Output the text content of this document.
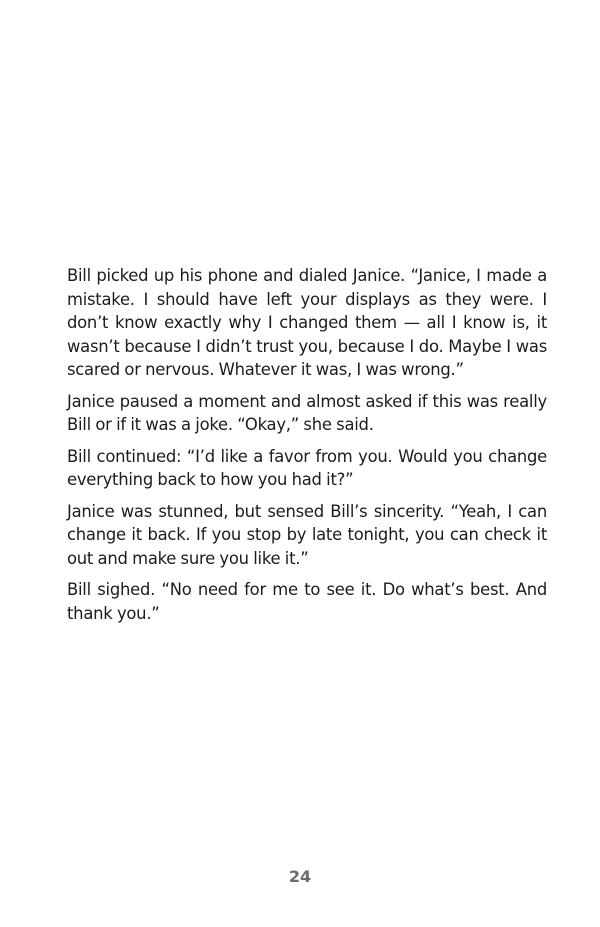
Bill picked up his phone and dialed Janice. “Janice, I made a mistake. I should have left your displays as they were. I don’t know exactly why I changed them — all I know is, it wasn’t because I didn’t trust you, because I do. Maybe I was scared or nervous. Whatever it was, I was wrong.”

Janice paused a moment and almost asked if this was really Bill or if it was a joke. “Okay,” she said.

Bill continued: “I’d like a favor from you. Would you change everything back to how you had it?”

Janice was stunned, but sensed Bill’s sincerity. “Yeah, I can change it back. If you stop by late tonight, you can check it out and make sure you like it.”

Bill sighed. “No need for me to see it. Do what’s best. And thank you.”

24
